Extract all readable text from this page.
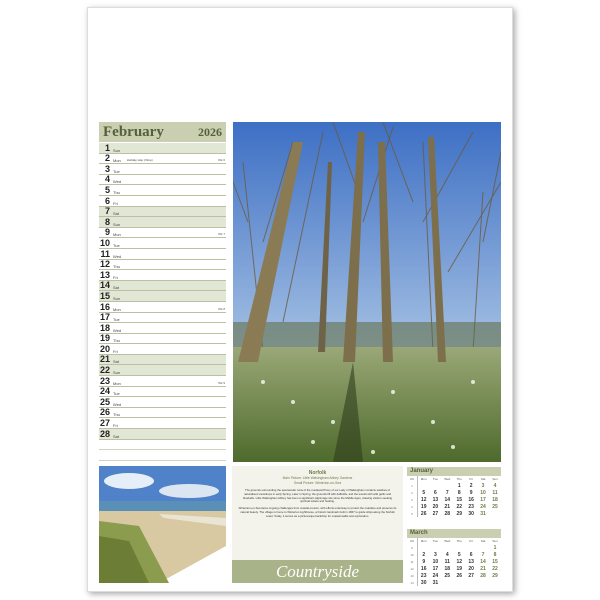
February	2026
1 Sun
2 Mon Holiday Hop (rhine)	Wk 6
3 Tue
4 Wed
5 Thu
6 Fri
7 Sat
8 Sun
9 Mon	Wk 7
10 Tue
11 Wed
12 Thu
13 Fri
14 Sat
15 Sun
16 Mon	Wk 8
17 Tue
18 Wed
19 Thu
20 Fri
21 Sat
22 Sun
23 Mon	Wk 9
24 Tue
25 Wed
26 Thu
27 Fri
28 Sat
Norfolk
Main Picture: Little Walsingham Abbey Gardens
Small Picture: Winterton-on-Sea
The grounds surrounding the spectacular ruins of the medieval Priory of our Lady of Walsingham contains swathes of naturalised snowdrops in early Spring. Later in Spring, the grounds fill with daffodils, and the woods with wild garlic and bluebells. Little Walsingham Abbey has been a significant pilgrimage site since the Middle Ages, drawing visitors seeking spiritual solace and healing.
Winterton-on-Sea faces ongoing challenges from coastal erosion, with efforts underway to protect the coastline and preserve its natural beauty. The village is home to Winterton Lighthouse, a historic landmark built in 1867 to guide ships along the Norfolk coast. Today, it serves as a picturesque backdrop for coastal walks and exploration.
Countryside
January
Wk	Mon	Tue	Wed	Thu	Fri	Sat	Sun
1				1	2	3	4
2	5	6	7	8	9	10	11
3	12	13	14	15	16	17	18
4	19	20	21	22	23	24	25
5	26	27	28	29	30	31	
March
Wk	Mon	Tue	Wed	Thu	Fri	Sat	Sun
9							1
10	2	3	4	5	6	7	8
11	9	10	11	12	13	14	15
12	16	17	18	19	20	21	22
13	23	24	25	26	27	28	29
14	30	31					
